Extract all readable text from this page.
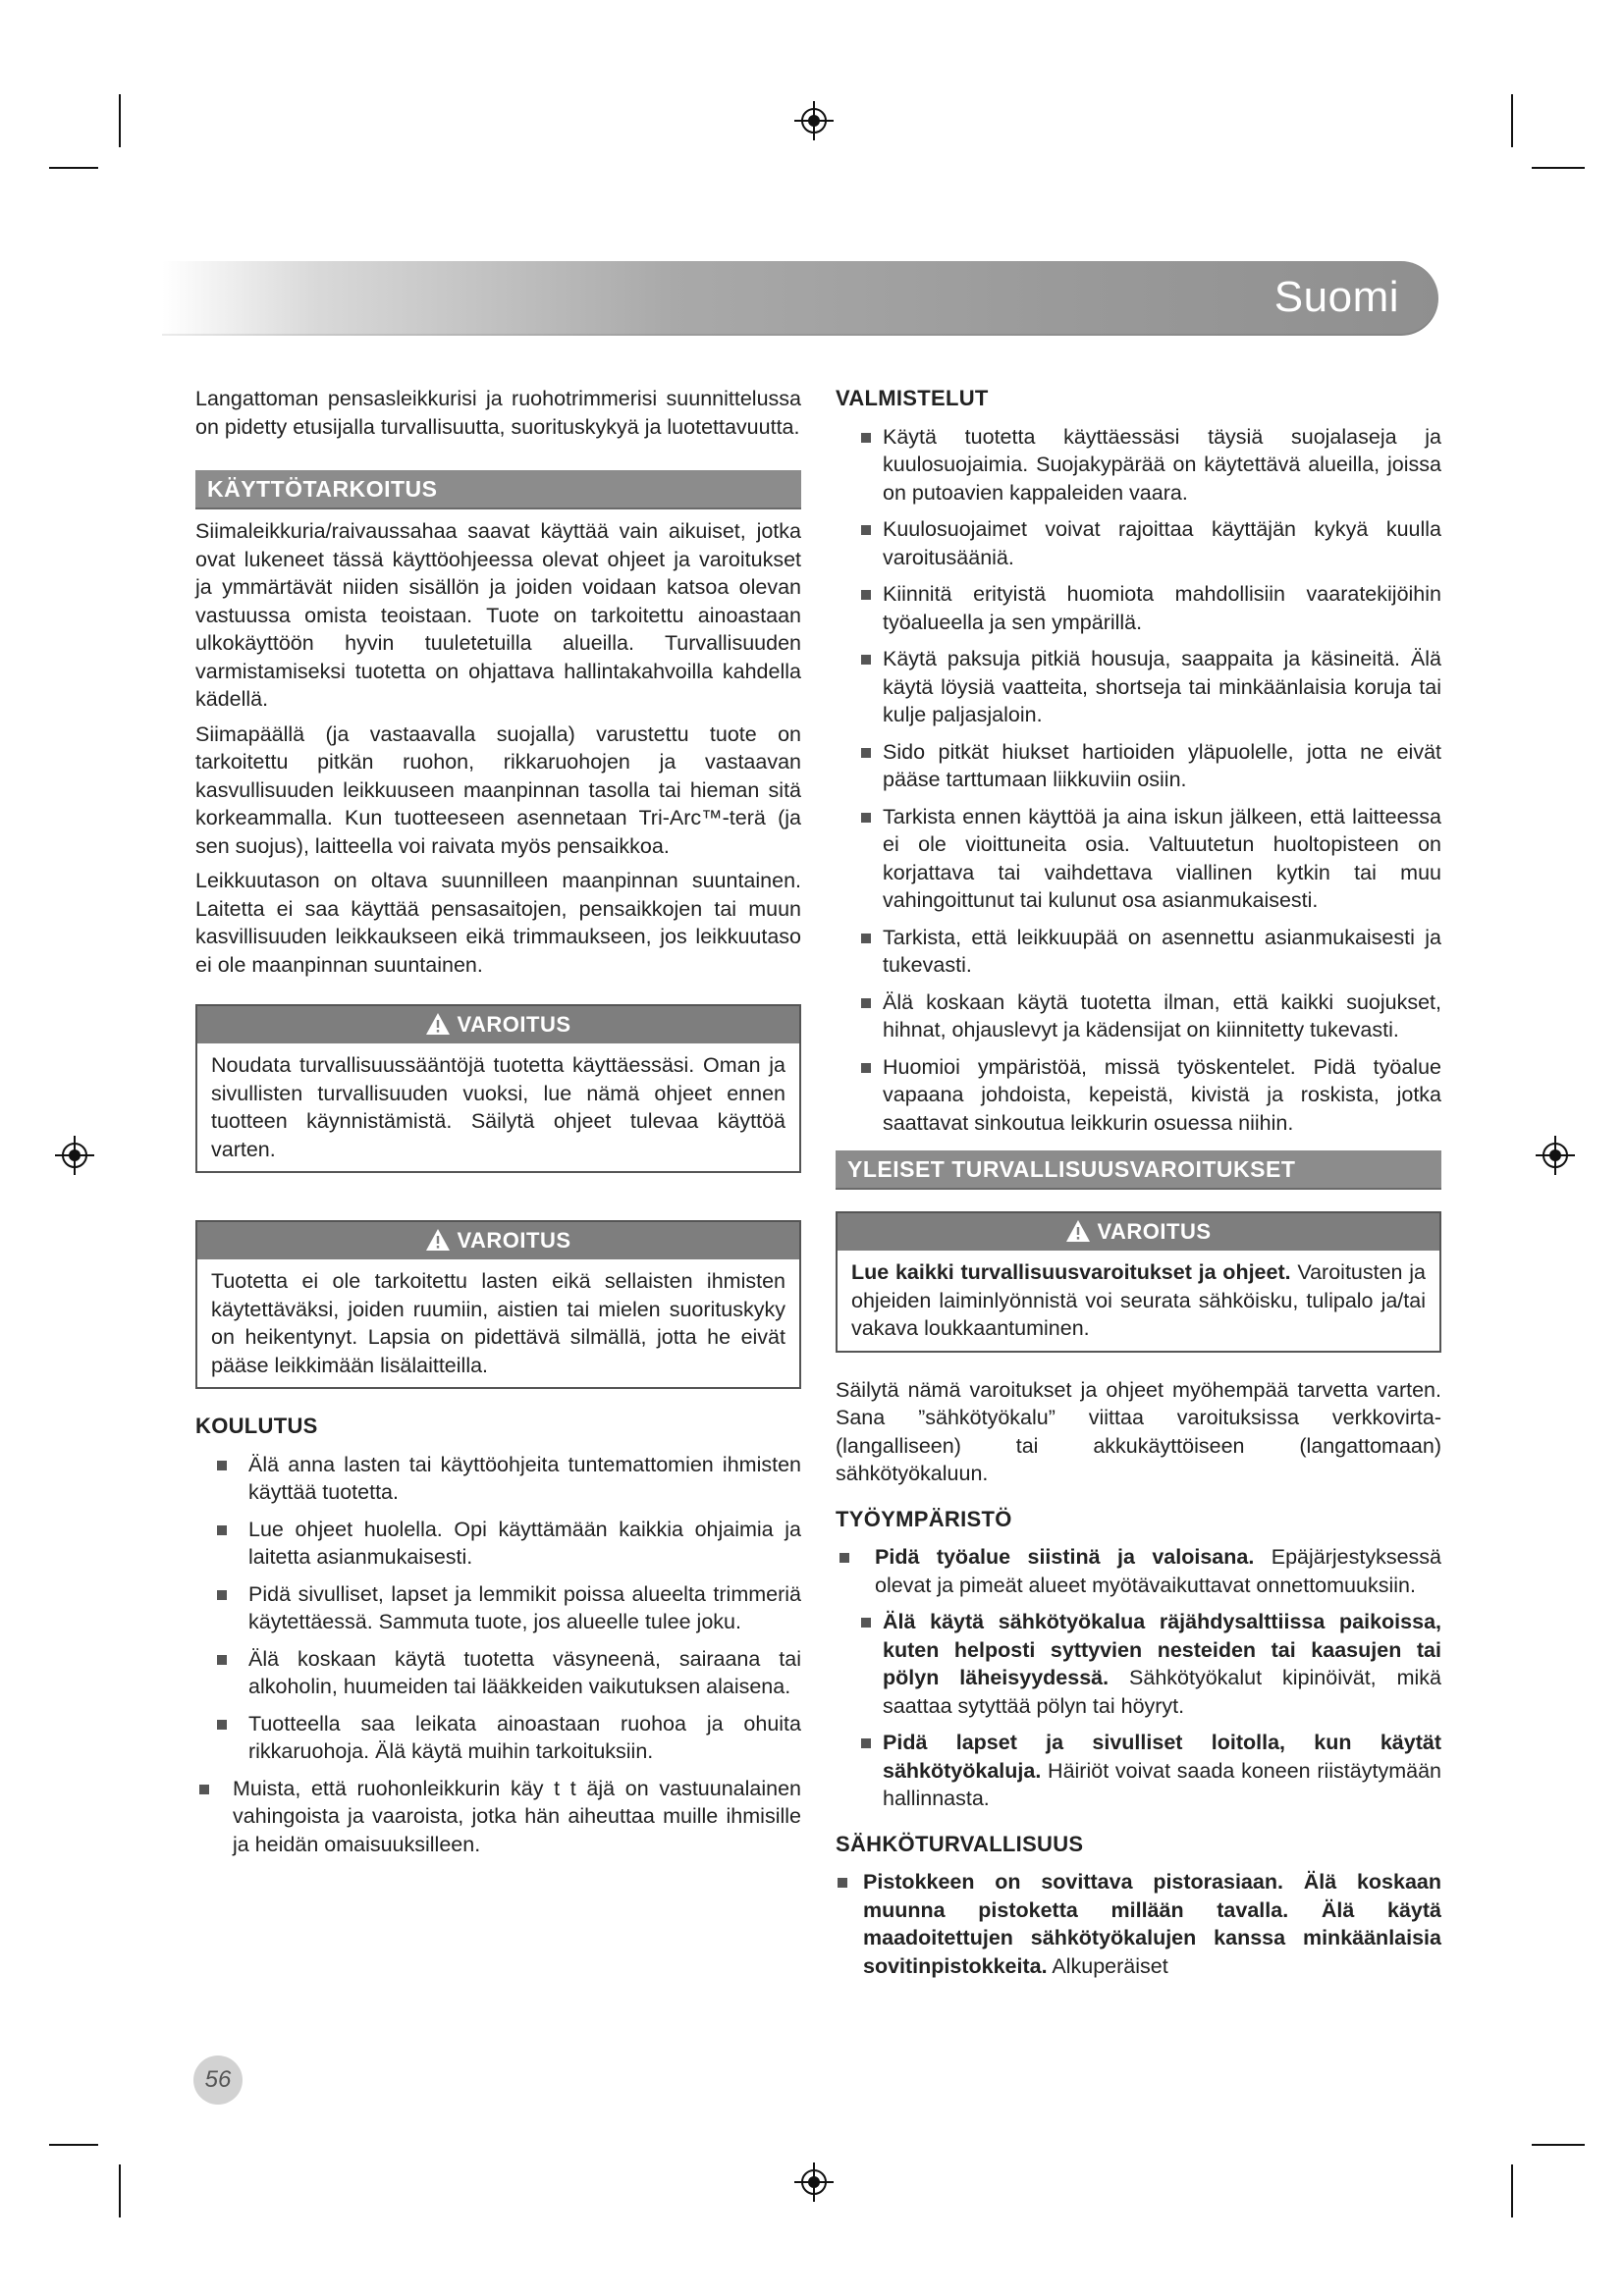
Suomi

Langattoman pensasleikkurisi ja ruohotrimmerisi suunnittelussa on pidetty etusijalla turvallisuutta, suorituskykyä ja luotettavuutta.

KÄYTTÖTARKOITUS

Siimaleikkuria/raivaussahaa saavat käyttää vain aikuiset, jotka ovat lukeneet tässä käyttöohjeessa olevat ohjeet ja varoitukset ja ymmärtävät niiden sisällön ja joiden voidaan katsoa olevan vastuussa omista teoistaan. Tuote on tarkoitettu ainoastaan ulkokäyttöön hyvin tuuletetuilla alueilla. Turvallisuuden varmistamiseksi tuotetta on ohjattava hallintakahvoilla kahdella kädellä.

Siimapäällä (ja vastaavalla suojalla) varustettu tuote on tarkoitettu pitkän ruohon, rikkaruohojen ja vastaavan kasvullisuuden leikkuuseen maanpinnan tasolla tai hieman sitä korkeammalla. Kun tuotteeseen asennetaan Tri-Arc™-terä (ja sen suojus), laitteella voi raivata myös pensaikkoa.

Leikkuutason on oltava suunnilleen maanpinnan suuntainen. Laitetta ei saa käyttää pensasaitojen, pensaikkojen tai muun kasvillisuuden leikkaukseen eikä trimmaukseen, jos leikkuutaso ei ole maanpinnan suuntainen.

VAROITUS

Noudata turvallisuussääntöjä tuotetta käyttäessäsi. Oman ja sivullisten turvallisuuden vuoksi, lue nämä ohjeet ennen tuotteen käynnistämistä. Säilytä ohjeet tulevaa käyttöä varten.

VAROITUS

Tuotetta ei ole tarkoitettu lasten eikä sellaisten ihmisten käytettäväksi, joiden ruumiin, aistien tai mielen suorituskyky on heikentynyt. Lapsia on pidettävä silmällä, jotta he eivät pääse leikkimään lisälaitteilla.

KOULUTUS
Älä anna lasten tai käyttöohjeita tuntemattomien ihmisten käyttää tuotetta.
Lue ohjeet huolella. Opi käyttämään kaikkia ohjaimia ja laitetta asianmukaisesti.
Pidä sivulliset, lapset ja lemmikit poissa alueelta trimmeriä käytettäessä. Sammuta tuote, jos alueelle tulee joku.
Älä koskaan käytä tuotetta väsyneenä, sairaana tai alkoholin, huumeiden tai lääkkeiden vaikutuksen alaisena.
Tuotteella saa leikata ainoastaan ruohoa ja ohuita rikkaruohoja. Älä käytä muihin tarkoituksiin.
Muista, että ruohonleikkurin käy t t äjä on vastuunalainen vahingoista ja vaaroista, jotka hän aiheuttaa muille ihmisille ja heidän omaisuuksilleen.
VALMISTELUT
Käytä tuotetta käyttäessäsi täysiä suojalaseja ja kuulosuojaimia. Suojakypärää on käytettävä alueilla, joissa on putoavien kappaleiden vaara.
Kuulosuojaimet voivat rajoittaa käyttäjän kykyä kuulla varoitusääniä.
Kiinnitä erityistä huomiota mahdollisiin vaaratekijöihin työalueella ja sen ympärillä.
Käytä paksuja pitkiä housuja, saappaita ja käsineitä. Älä käytä löysiä vaatteita, shortseja tai minkäänlaisia koruja tai kulje paljasjaloin.
Sido pitkät hiukset hartioiden yläpuolelle, jotta ne eivät pääse tarttumaan liikkuviin osiin.
Tarkista ennen käyttöä ja aina iskun jälkeen, että laitteessa ei ole vioittuneita osia. Valtuutetun huoltopisteen on korjattava tai vaihdettava viallinen kytkin tai muu vahingoittunut tai kulunut osa asianmukaisesti.
Tarkista, että leikkuupää on asennettu asianmukaisesti ja tukevasti.
Älä koskaan käytä tuotetta ilman, että kaikki suojukset, hihnat, ohjauslevyt ja kädensijat on kiinnitetty tukevasti.
Huomioi ympäristöä, missä työskentelet. Pidä työalue vapaana johdoista, kepeistä, kivistä ja roskista, jotka saattavat sinkoutua leikkurin osuessa niihin.
YLEISET TURVALLISUUSVAROITUKSET
VAROITUS

Lue kaikki turvallisuusvaroitukset ja ohjeet. Varoitusten ja ohjeiden laiminlyönnistä voi seurata sähköisku, tulipalo ja/tai vakava loukkaantuminen.

Säilytä nämä varoitukset ja ohjeet myöhempää tarvetta varten. Sana ”sähkötyökalu” viittaa varoituksissa verkkovirta- (langalliseen) tai akkukäyttöiseen (langattomaan) sähkötyökaluun.

TYÖYMPÄRISTÖ
Pidä työalue siistinä ja valoisana. Epäjärjestyksessä olevat ja pimeät alueet myötävaikuttavat onnettomuuksiin.
Älä käytä sähkötyökalua räjähdysalttiissa paikoissa, kuten helposti syttyvien nesteiden tai kaasujen tai pölyn läheisyydessä. Sähkötyökalut kipinöivät, mikä saattaa sytyttää pölyn tai höyryt.
Pidä lapset ja sivulliset loitolla, kun käytät sähkötyökaluja. Häiriöt voivat saada koneen riistäytymään hallinnasta.
SÄHKÖTURVALLISUUS
Pistokkeen on sovittava pistorasiaan. Älä koskaan muunna pistoketta millään tavalla. Älä käytä maadoitettujen sähkötyökalujen kanssa minkäänlaisia sovitinpistokkeita. Alkuperäiset
56
